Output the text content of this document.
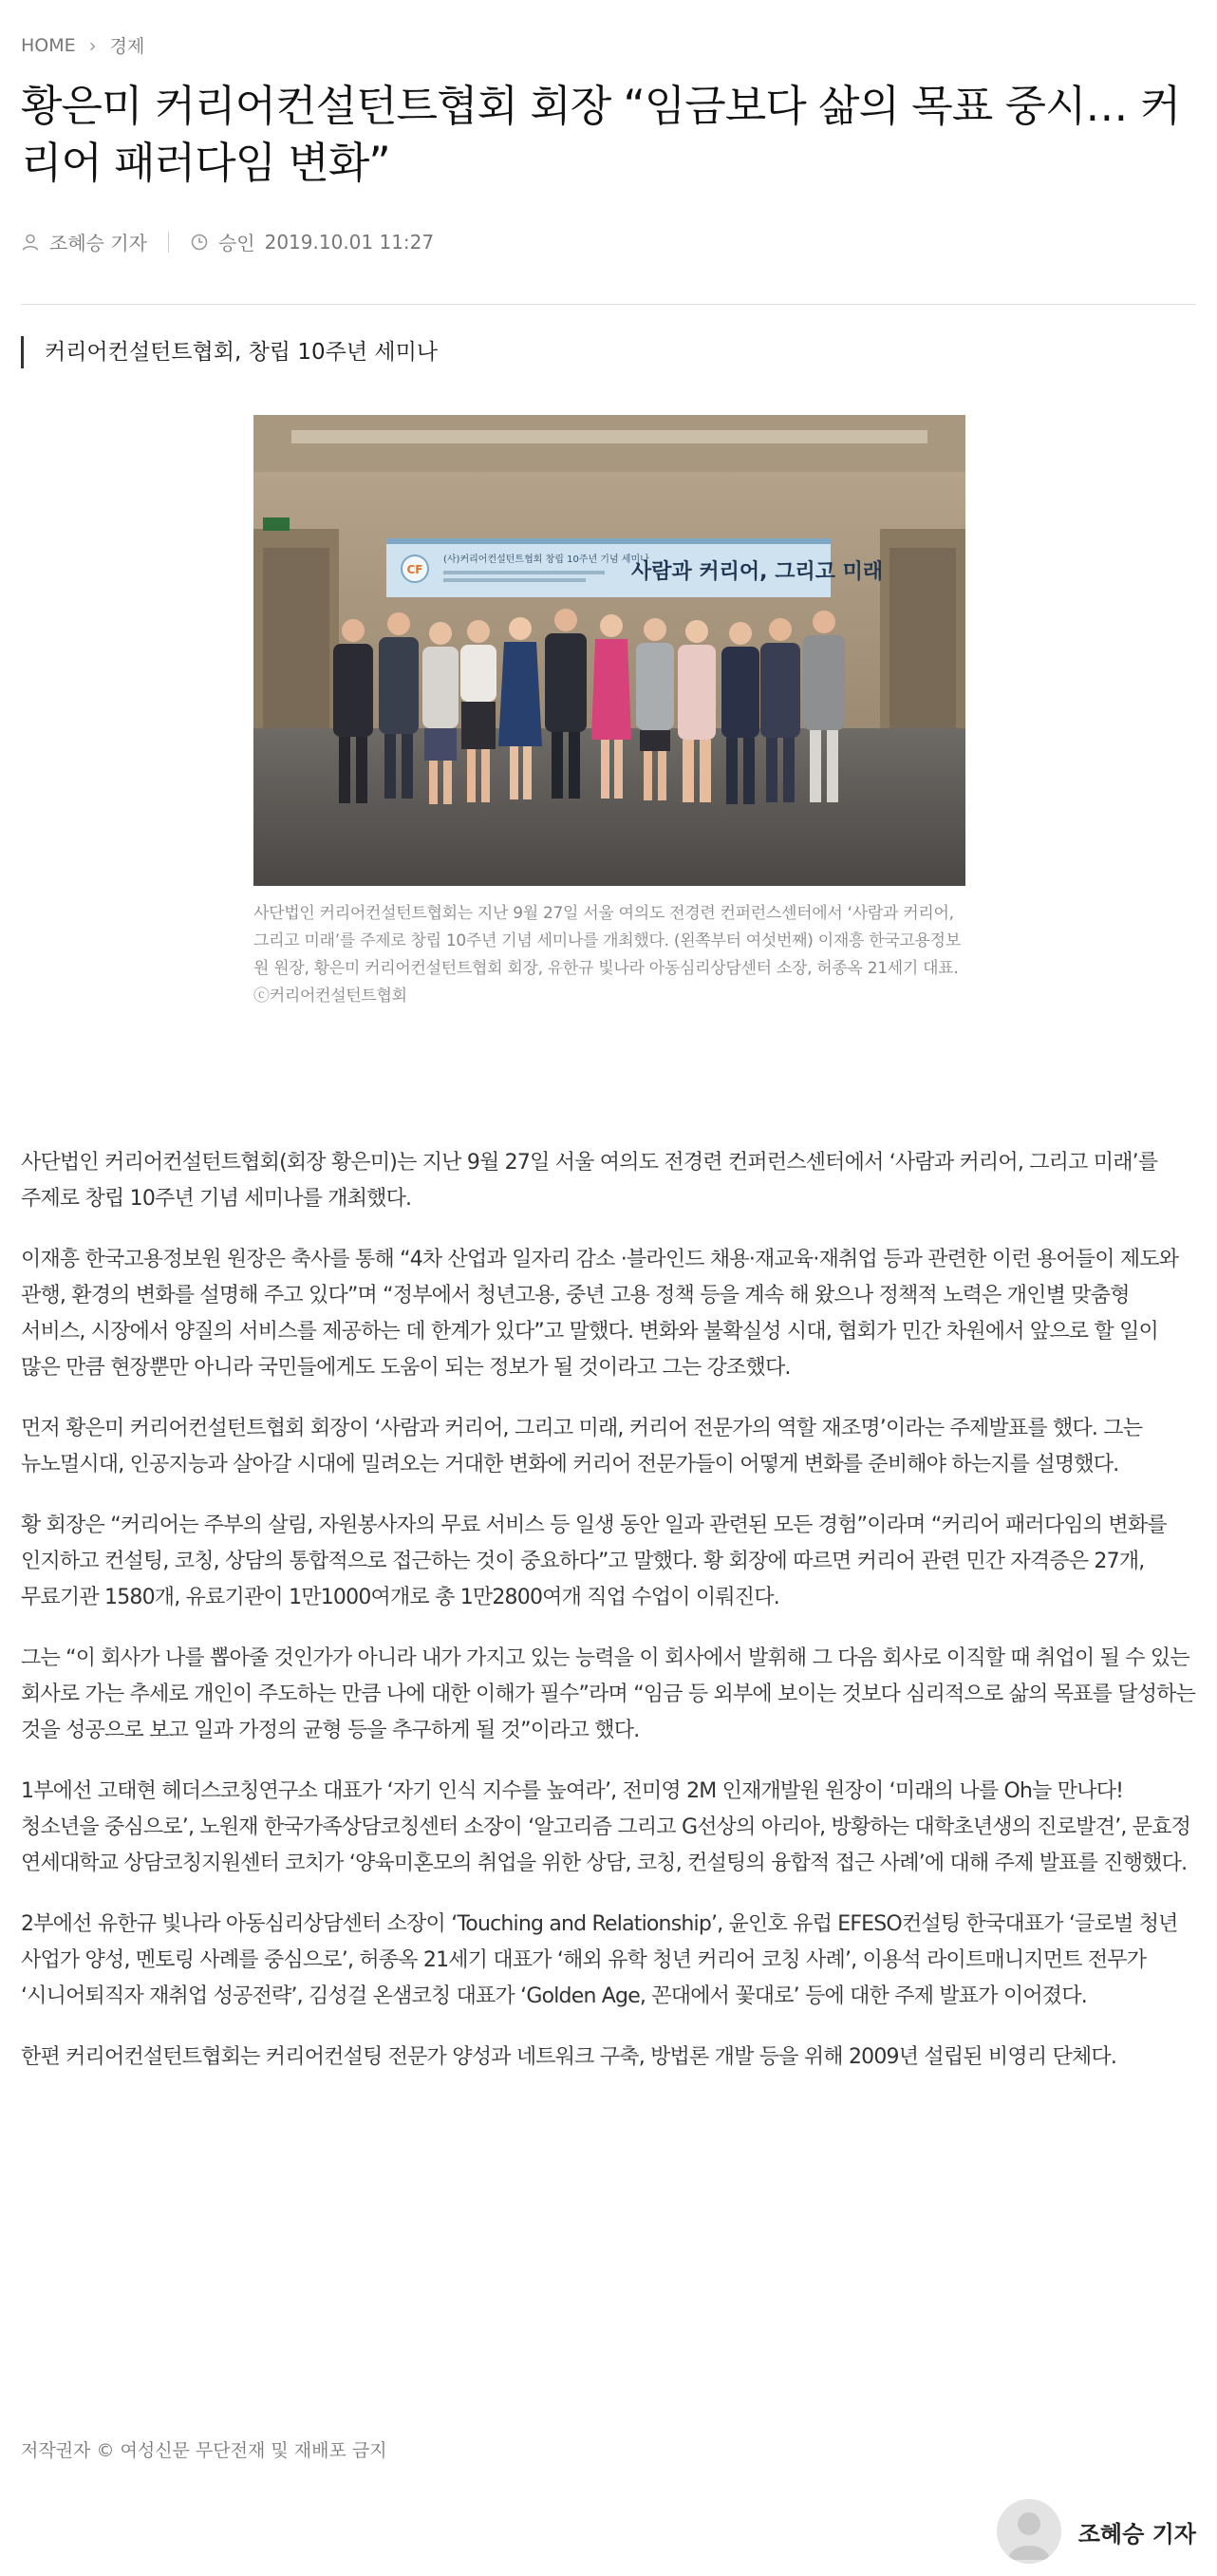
HOME › 경제
황은미 커리어컨설턴트협회 회장 “임금보다 삶의 목표 중시… 커리어 패러다임 변화”
조혜승 기자	승인 2019.10.01 11:27
커리어컨설턴트협회, 창립 10주년 세미나
CF
(사)커리어컨설턴트협회 창립 10주년 기념 세미나
사람과 커리어, 그리고 미래
사단법인 커리어컨설턴트협회는 지난 9월 27일 서울 여의도 전경련 컨퍼런스센터에서 ‘사람과 커리어, 그리고 미래’를 주제로 창립 10주년 기념 세미나를 개최했다. (왼쪽부터 여섯번째) 이재흥 한국고용정보원 원장, 황은미 커리어컨설턴트협회 회장, 유한규 빛나라 아동심리상담센터 소장, 허종옥 21세기 대표. ⓒ커리어컨설턴트협회

사단법인 커리어컨설턴트협회(회장 황은미)는 지난 9월 27일 서울 여의도 전경련 컨퍼런스센터에서 ‘사람과 커리어, 그리고 미래’를 주제로 창립 10주년 기념 세미나를 개최했다.

이재흥 한국고용정보원 원장은 축사를 통해 “4차 산업과 일자리 감소 ·블라인드 채용·재교육·재취업 등과 관련한 이런 용어들이 제도와 관행, 환경의 변화를 설명해 주고 있다”며 “정부에서 청년고용, 중년 고용 정책 등을 계속 해 왔으나 정책적 노력은 개인별 맞춤형 서비스, 시장에서 양질의 서비스를 제공하는 데 한계가 있다”고 말했다. 변화와 불확실성 시대, 협회가 민간 차원에서 앞으로 할 일이 많은 만큼 현장뿐만 아니라 국민들에게도 도움이 되는 정보가 될 것이라고 그는 강조했다.

먼저 황은미 커리어컨설턴트협회 회장이 ‘사람과 커리어, 그리고 미래, 커리어 전문가의 역할 재조명’이라는 주제발표를 했다. 그는 뉴노멀시대, 인공지능과 살아갈 시대에 밀려오는 거대한 변화에 커리어 전문가들이 어떻게 변화를 준비해야 하는지를 설명했다.

황 회장은 “커리어는 주부의 살림, 자원봉사자의 무료 서비스 등 일생 동안 일과 관련된 모든 경험”이라며 “커리어 패러다임의 변화를 인지하고 컨설팅, 코칭, 상담의 통합적으로 접근하는 것이 중요하다”고 말했다. 황 회장에 따르면 커리어 관련 민간 자격증은 27개, 무료기관 1580개, 유료기관이 1만1000여개로 총 1만2800여개 직업 수업이 이뤄진다.

그는 “이 회사가 나를 뽑아줄 것인가가 아니라 내가 가지고 있는 능력을 이 회사에서 발휘해 그 다음 회사로 이직할 때 취업이 될 수 있는 회사로 가는 추세로 개인이 주도하는 만큼 나에 대한 이해가 필수”라며 “임금 등 외부에 보이는 것보다 심리적으로 삶의 목표를 달성하는 것을 성공으로 보고 일과 가정의 균형 등을 추구하게 될 것”이라고 했다.

1부에선 고태현 헤더스코칭연구소 대표가 ‘자기 인식 지수를 높여라’, 전미영 2M 인재개발원 원장이 ‘미래의 나를 Oh늘 만나다! 청소년을 중심으로’, 노원재 한국가족상담코칭센터 소장이 ‘알고리즘 그리고 G선상의 아리아, 방황하는 대학초년생의 진로발견’, 문효정 연세대학교 상담코칭지원센터 코치가 ‘양육미혼모의 취업을 위한 상담, 코칭, 컨설팅의 융합적 접근 사례’에 대해 주제 발표를 진행했다.

2부에선 유한규 빛나라 아동심리상담센터 소장이 ‘Touching and Relationship’, 윤인호 유럽 EFESO컨설팅 한국대표가 ‘글로벌 청년 사업가 양성, 멘토링 사례를 중심으로’, 허종옥 21세기 대표가 ‘해외 유학 청년 커리어 코칭 사례’, 이용석 라이트매니지먼트 전무가 ‘시니어퇴직자 재취업 성공전략’, 김성걸 온샘코칭 대표가 ‘Golden Age, 꼰대에서 꽃대로’ 등에 대한 주제 발표가 이어졌다.

한편 커리어컨설턴트협회는 커리어컨설팅 전문가 양성과 네트워크 구축, 방법론 개발 등을 위해 2009년 설립된 비영리 단체다.

저작권자 © 여성신문 무단전재 및 재배포 금지
조혜승 기자
